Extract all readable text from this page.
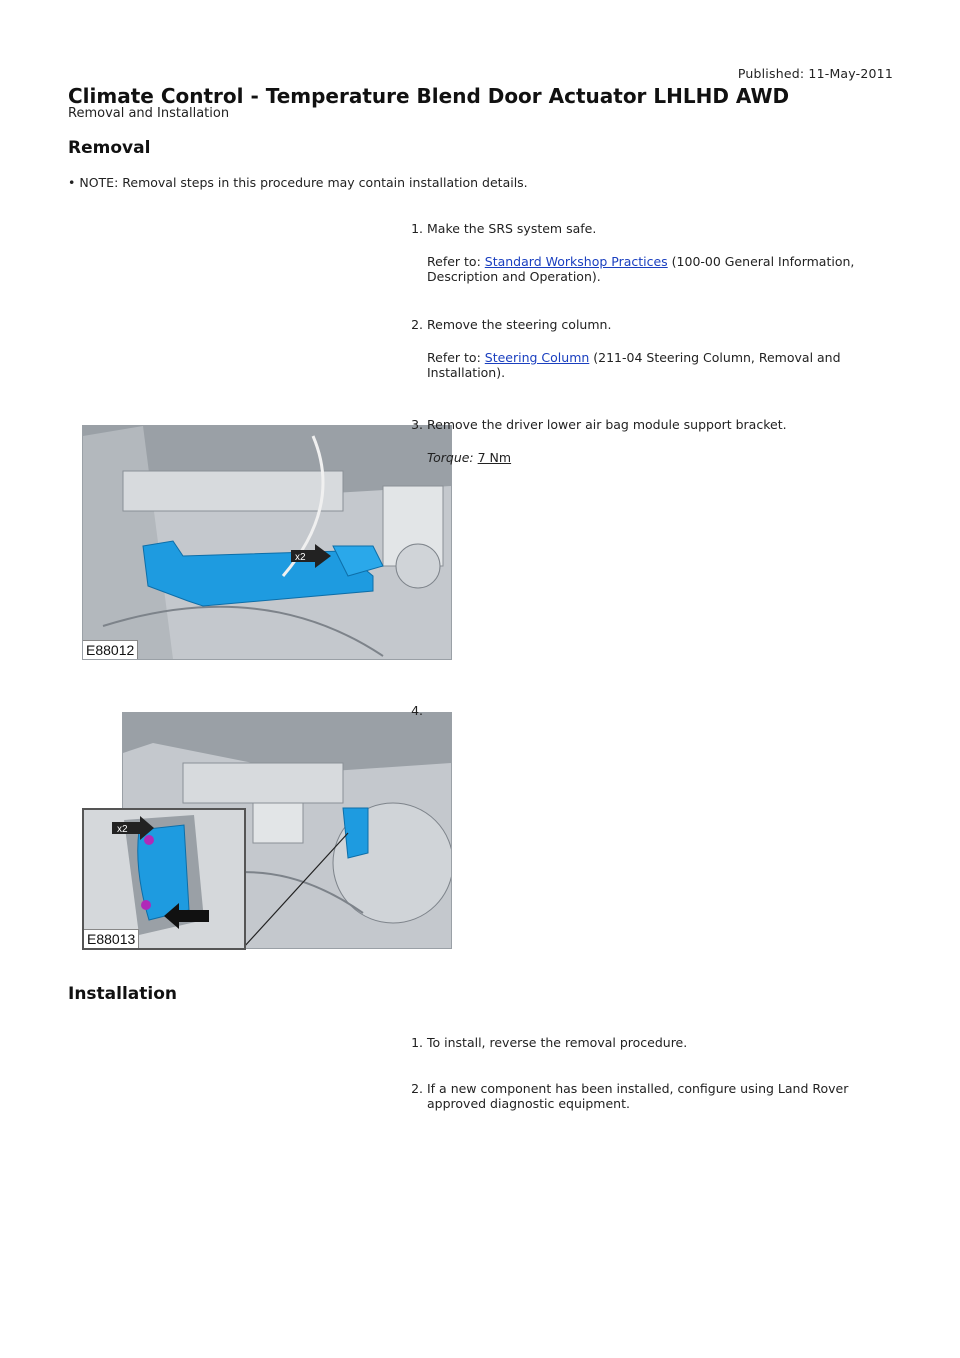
Published: 11-May-2011
Climate Control - Temperature Blend Door Actuator LHLHD AWD
Removal and Installation
Removal
• NOTE: Removal steps in this procedure may contain installation details.
1. Make the SRS system safe.
Refer to: Standard Workshop Practices (100-00 General Information, Description and Operation).
2. Remove the steering column.
Refer to: Steering Column (211-04 Steering Column, Removal and Installation).
x2
E88012
3. Remove the driver lower air bag module support bracket.
Torque: 7 Nm
x2
E88013
4.
Installation
1. To install, reverse the removal procedure.
2. If a new component has been installed, configure using Land Rover approved diagnostic equipment.
